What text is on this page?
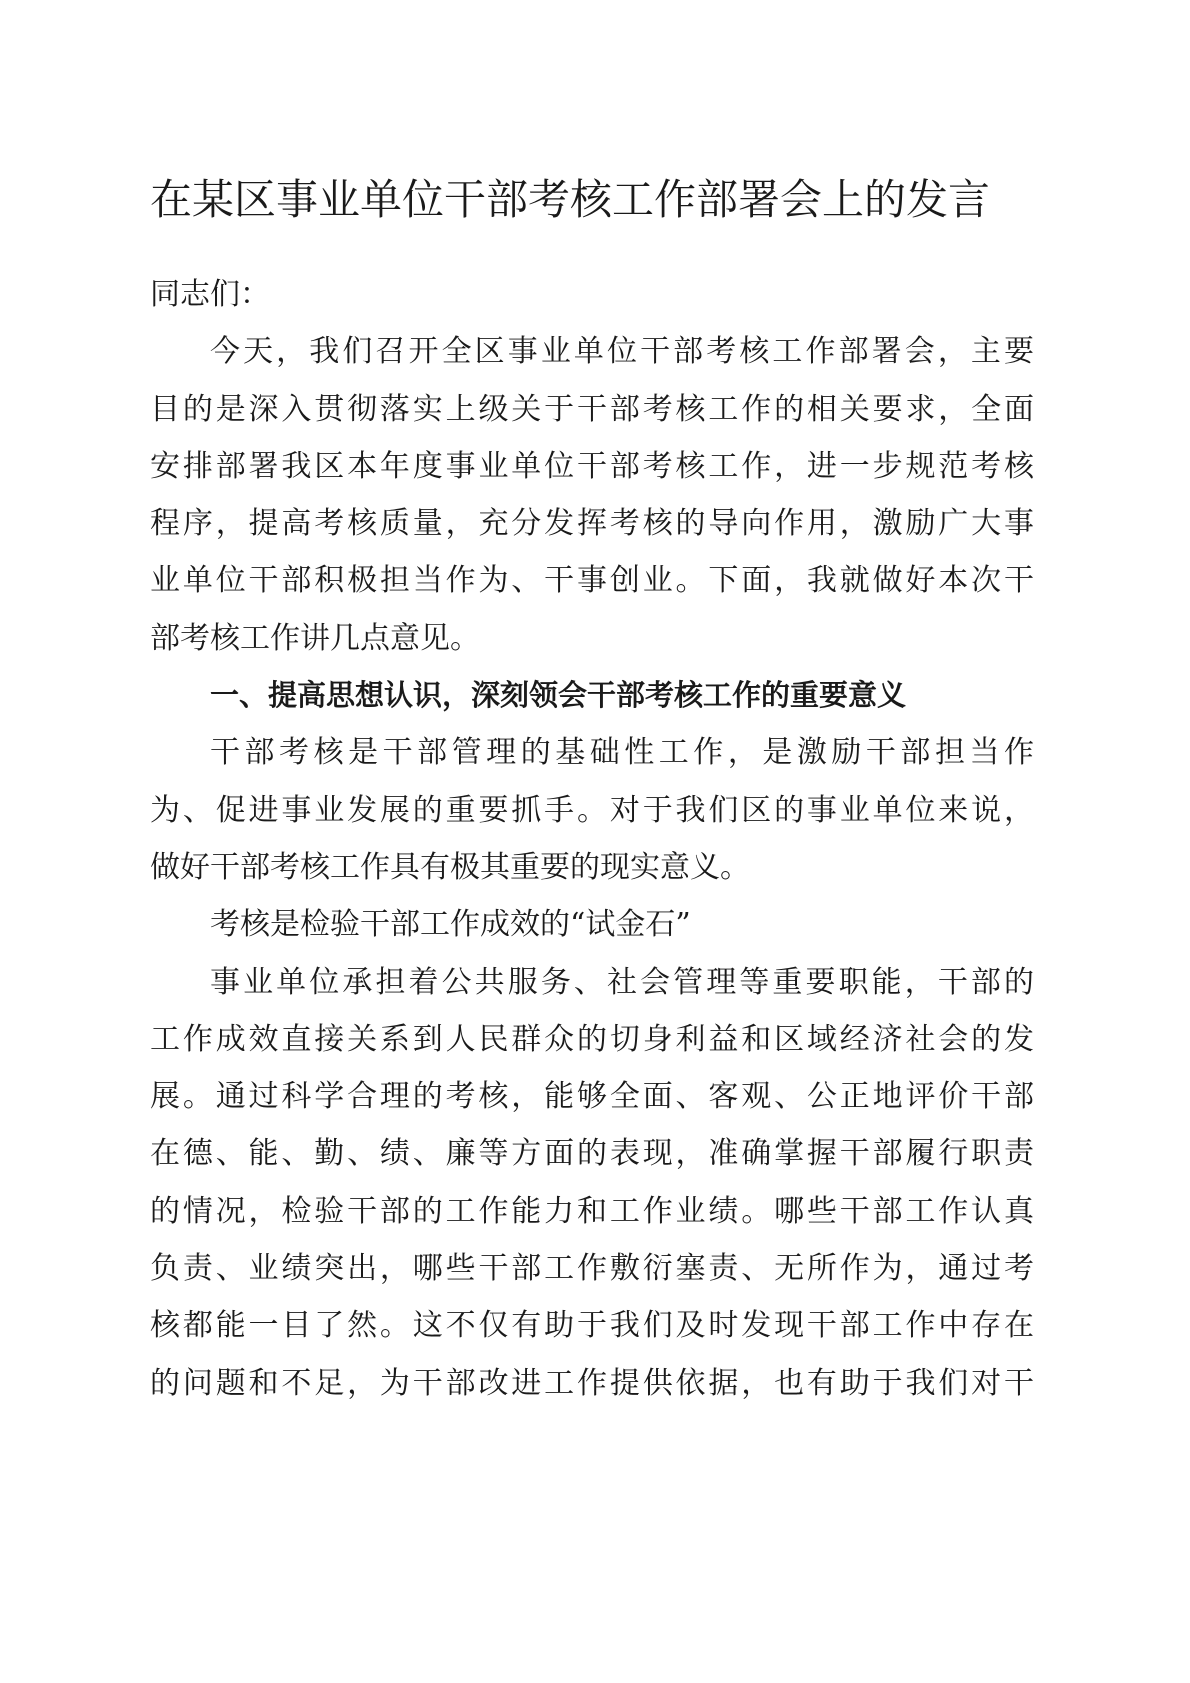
在某区事业单位干部考核工作部署会上的发言
同志们：
今天，我们召开全区事业单位干部考核工作部署会，主要
目的是深入贯彻落实上级关于干部考核工作的相关要求，全面
安排部署我区本年度事业单位干部考核工作，进一步规范考核
程序，提高考核质量，充分发挥考核的导向作用，激励广大事
业单位干部积极担当作为、干事创业。下面，我就做好本次干
部考核工作讲几点意见。
一、提高思想认识，深刻领会干部考核工作的重要意义
干部考核是干部管理的基础性工作，是激励干部担当作
为、促进事业发展的重要抓手。对于我们区的事业单位来说，
做好干部考核工作具有极其重要的现实意义。
考核是检验干部工作成效的“试金石”
事业单位承担着公共服务、社会管理等重要职能，干部的
工作成效直接关系到人民群众的切身利益和区域经济社会的发
展。通过科学合理的考核，能够全面、客观、公正地评价干部
在德、能、勤、绩、廉等方面的表现，准确掌握干部履行职责
的情况，检验干部的工作能力和工作业绩。哪些干部工作认真
负责、业绩突出，哪些干部工作敷衍塞责、无所作为，通过考
核都能一目了然。这不仅有助于我们及时发现干部工作中存在
的问题和不足，为干部改进工作提供依据，也有助于我们对干
